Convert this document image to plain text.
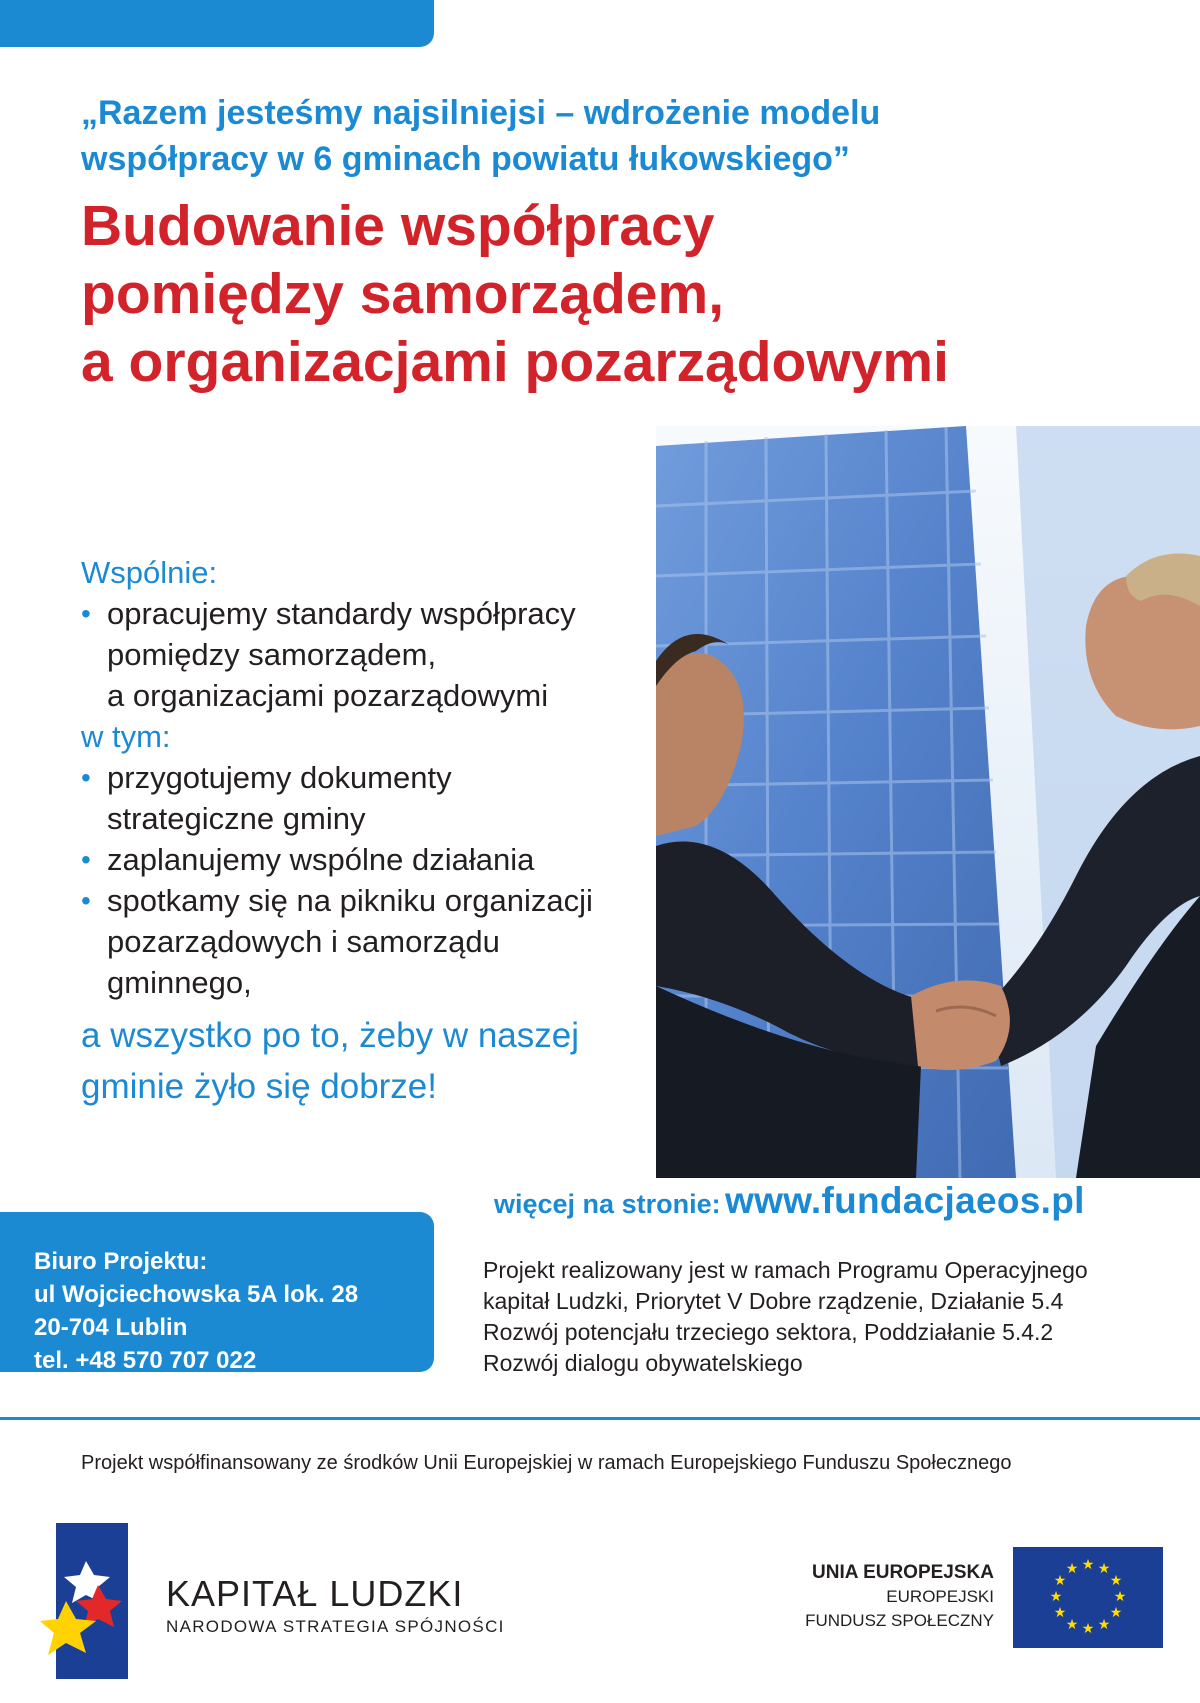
„Razem jesteśmy najsilniejsi – wdrożenie modelu
współpracy w 6 gminach powiatu łukowskiego”
Budowanie współpracy
pomiędzy samorządem,
a organizacjami pozarządowymi
Wspólnie:
• opracujemy standardy współpracy
pomiędzy samorządem,
a organizacjami pozarządowymi
w tym:
• przygotujemy dokumenty
strategiczne gminy
• zaplanujemy wspólne działania
• spotkamy się na pikniku organizacji
pozarządowych i samorządu
gminnego,
a wszystko po to, żeby w naszej
gminie żyło się dobrze!
więcej na stronie: www.fundacjaeos.pl
Biuro Projektu:
ul Wojciechowska 5A lok. 28
20-704 Lublin
tel. +48 570 707 022
Projekt realizowany jest w ramach Programu Operacyjnego
kapitał Ludzki, Priorytet V Dobre rządzenie, Działanie 5.4
Rozwój potencjału trzeciego sektora, Poddziałanie 5.4.2
Rozwój dialogu obywatelskiego
Projekt współfinansowany ze środków Unii Europejskiej w ramach Europejskiego Funduszu Społecznego
KAPITAŁ LUDZKI
NARODOWA STRATEGIA SPÓJNOŚCI
UNIA EUROPEJSKA
EUROPEJSKI
FUNDUSZ SPOŁECZNY
★ ★
★
★
★
★
★
★
★
★
★
★
